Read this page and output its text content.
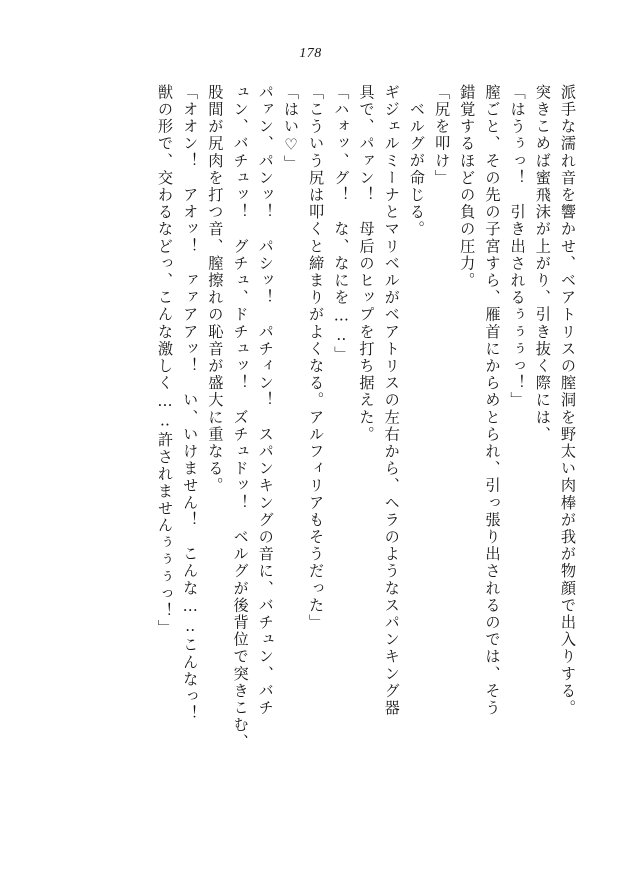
178
派手な濡れ音を響かせ、ベアトリスの膣洞を野太い肉棒が我が物顔で出入りする。
突きこめば蜜飛沫が上がり、引き抜く際には、
「はうぅっ！　引き出されるぅぅぅっ！」
膣ごと、その先の子宮すら、雁首にからめとられ、引っ張り出されるのでは、そう
錯覚するほどの負の圧力。
「尻を叩け」
ベルグが命じる。
ギジェルミーナとマリベルがベアトリスの左右から、ヘラのようなスパンキング器
具で、パァン！　母后のヒップを打ち据えた。
「ハォッ、グ！　な、なにを…‥」
「こういう尻は叩くと締まりがよくなる。アルフィリアもそうだった」
「はい♡」
パァン、パンッ！　パシッ！　パチィン！　スパンキングの音に、バチュン、バチ
ュン、バチュッ！　グチュ、ドチュッ！　ズチュドッ！　ベルグが後背位で突きこむ、
股間が尻肉を打つ音、膣擦れの恥音が盛大に重なる。
「オオン！　アオッ！　ァァアアッ！　い、いけません！　こんな…‥こんなっ！
獣の形で、交わるなどっ、こんな激しく…‥許されませんぅぅぅっ！」
